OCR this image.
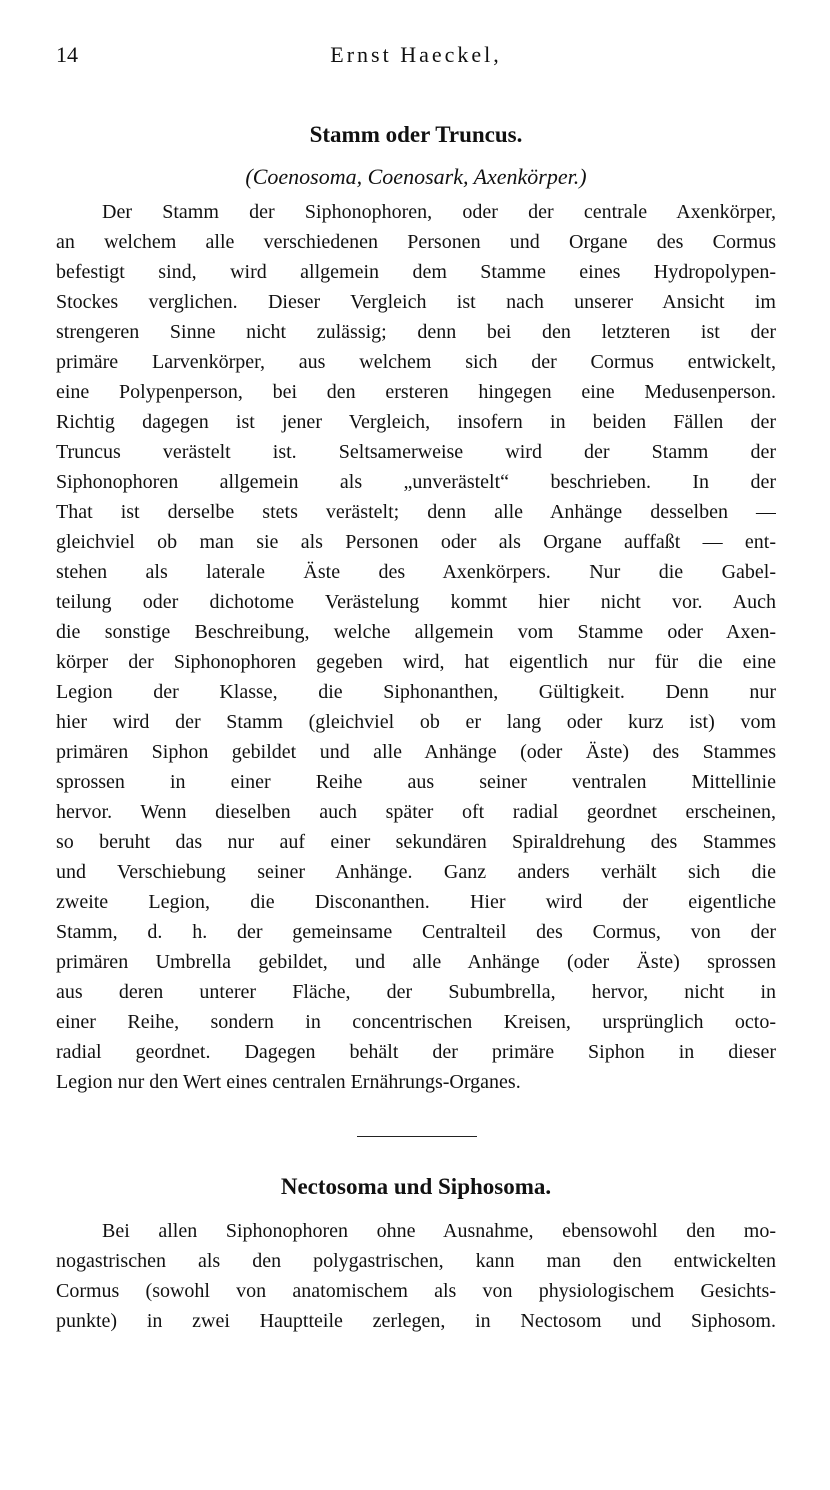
14	Ernst Haeckel,
Stamm oder Truncus.
(Coenosoma, Coenosark, Axenkörper.)
Der Stamm der Siphonophoren, oder der centrale Axenkörper,
an welchem alle verschiedenen Personen und Organe des Cormus
befestigt sind, wird allgemein dem Stamme eines Hydropolypen-
Stockes verglichen. Dieser Vergleich ist nach unserer Ansicht im
strengeren Sinne nicht zulässig; denn bei den letzteren ist der
primäre Larvenkörper, aus welchem sich der Cormus entwickelt,
eine Polypenperson, bei den ersteren hingegen eine Medusenperson.
Richtig dagegen ist jener Vergleich, insofern in beiden Fällen der
Truncus verästelt ist. Seltsamerweise wird der Stamm der
Siphonophoren allgemein als „unverästelt“ beschrieben. In der
That ist derselbe stets verästelt; denn alle Anhänge desselben —
gleichviel ob man sie als Personen oder als Organe auffaßt — ent-
stehen als laterale Äste des Axenkörpers. Nur die Gabel-
teilung oder dichotome Verästelung kommt hier nicht vor. Auch
die sonstige Beschreibung, welche allgemein vom Stamme oder Axen-
körper der Siphonophoren gegeben wird, hat eigentlich nur für die eine
Legion der Klasse, die Siphonanthen, Gültigkeit. Denn nur
hier wird der Stamm (gleichviel ob er lang oder kurz ist) vom
primären Siphon gebildet und alle Anhänge (oder Äste) des Stammes
sprossen in einer Reihe aus seiner ventralen Mittellinie
hervor. Wenn dieselben auch später oft radial geordnet erscheinen,
so beruht das nur auf einer sekundären Spiraldrehung des Stammes
und Verschiebung seiner Anhänge. Ganz anders verhält sich die
zweite Legion, die Disconanthen. Hier wird der eigentliche
Stamm, d. h. der gemeinsame Centralteil des Cormus, von der
primären Umbrella gebildet, und alle Anhänge (oder Äste) sprossen
aus deren unterer Fläche, der Subumbrella, hervor, nicht in
einer Reihe, sondern in concentrischen Kreisen, ursprünglich octo-
radial geordnet. Dagegen behält der primäre Siphon in dieser
Legion nur den Wert eines centralen Ernährungs-Organes.
Nectosoma und Siphosoma.
Bei allen Siphonophoren ohne Ausnahme, ebensowohl den mo-
nogastrischen als den polygastrischen, kann man den entwickelten
Cormus (sowohl von anatomischem als von physiologischem Gesichts-
punkte) in zwei Hauptteile zerlegen, in Nectosom und Siphosom.
